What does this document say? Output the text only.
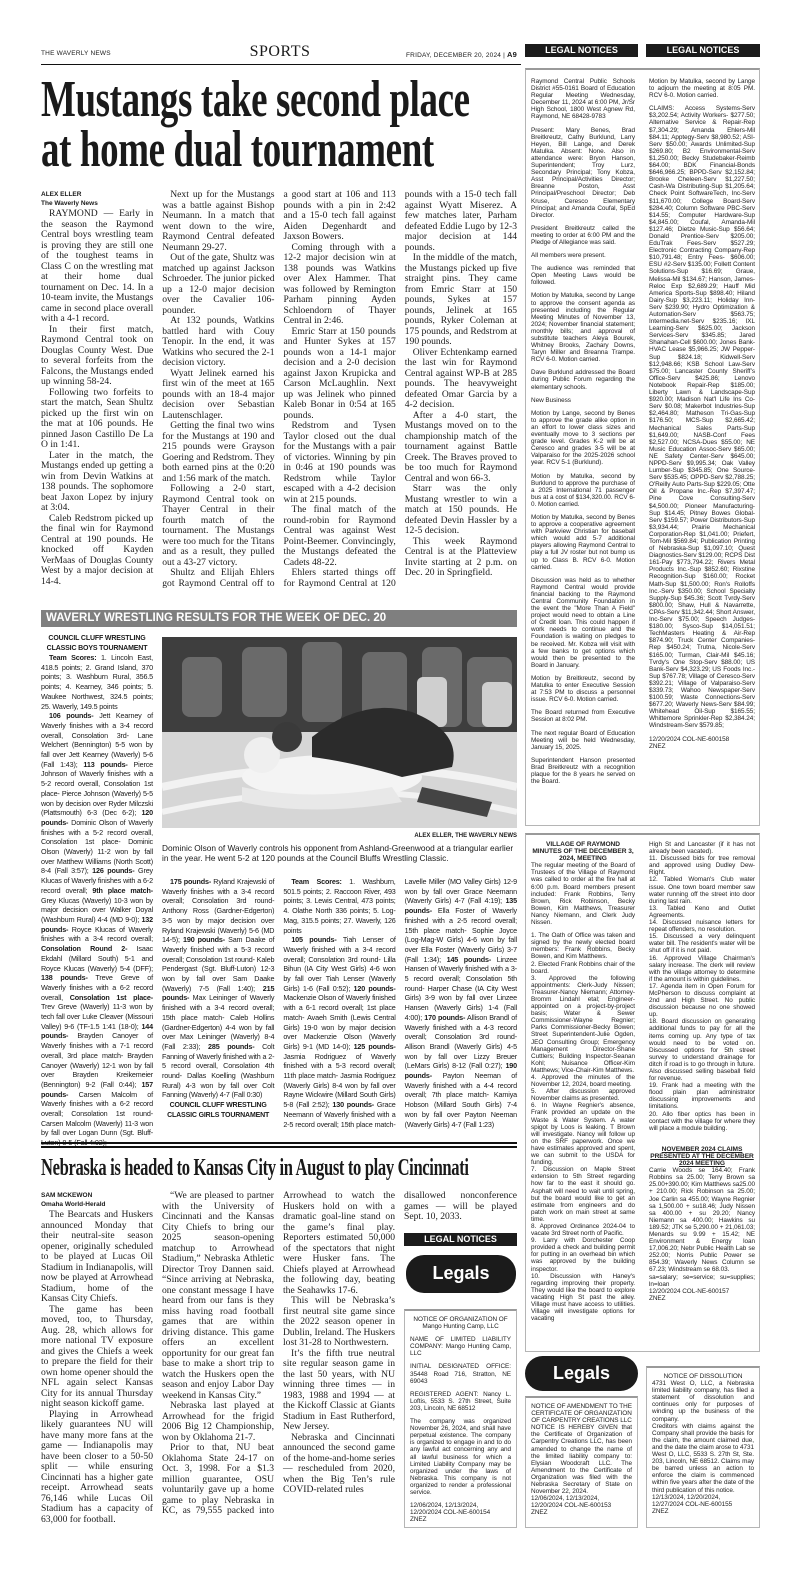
THE WAVERLY NEWS	SPORTS	FRIDAY, DECEMBER 20, 2024 | A9	LEGAL NOTICES	LEGAL NOTICES
Mustangs take second place
at home dual tournament

ALEX ELLER

The Waverly News

RAYMOND — Early in the season the Raymond Central boys wrestling team is proving they are still one of the toughest teams in Class C on the wrestling mat at their home dual tournament on Dec. 14. In a 10-team invite, the Mustangs came in second place overall with a 4-1 record.

In their first match, Raymond Central took on Douglas County West. Due to several forfeits from the Falcons, the Mustangs ended up winning 58-24.

Following two forfeits to start the match, Sean Shultz picked up the first win on the mat at 106 pounds. He pinned Jason Castillo De La O in 1:41.

Later in the match, the Mustangs ended up getting a win from Devin Watkins at 138 pounds. The sophomore beat Jaxon Lopez by injury at 3:04.

Caleb Redstrom picked up the final win for Raymond Central at 190 pounds. He knocked off Kayden VerMaas of Douglas County West by a major decision at 14-4.

Next up for the Mustangs was a battle against Bishop Neumann. In a match that went down to the wire, Raymond Central defeated Neumann 29-27.

Out of the gate, Shultz was matched up against Jackson Schroeder. The junior picked up a 12-0 major decision over the Cavalier 106-pounder.

At 132 pounds, Watkins battled hard with Couy Tenopir. In the end, it was Watkins who secured the 2-1 decision victory.

Wyatt Jelinek earned his first win of the meet at 165 pounds with an 18-4 major decision over Sebastian Lautenschlager.

Getting the final two wins for the Mustangs at 190 and 215 pounds were Grayson Goering and Redstrom. They both earned pins at the 0:20 and 1:56 mark of the match.

Following a 2-0 start, Raymond Central took on Thayer Central in their fourth match of the tournament. The Mustangs were too much for the Titans and as a result, they pulled out a 43-27 victory.

Shultz and Elijah Ehlers got Raymond Central off to a good start at 106 and 113 pounds with a pin in 2:42 and a 15-0 tech fall against Aiden Degenhardt and Jaxson Bowers.

Coming through with a 12-2 major decision win at 138 pounds was Watkins over Alex Hammer. That was followed by Remington Parham pinning Ayden Schloendorn of Thayer Central in 2:46.

Emric Starr at 150 pounds and Hunter Sykes at 157 pounds won a 14-1 major decision and a 2-0 decision against Jaxon Krupicka and Carson McLaughlin. Next up was Jelinek who pinned Kaleb Bonar in 0:54 at 165 pounds.

Redstrom and Tysen Taylor closed out the dual for the Mustangs with a pair of victories. Winning by pin in 0:46 at 190 pounds was Redstrom while Taylor escaped with a 4-2 decision win at 215 pounds.

The final match of the round-robin for Raymond Central was against West Point-Beemer. Convincingly, the Mustangs defeated the Cadets 48-22.

Ehlers started things off for Raymond Central at 120 pounds with a 15-0 tech fall against Wyatt Miserez. A few matches later, Parham defeated Eddie Lugo by 12-3 major decision at 144 pounds.

In the middle of the match, the Mustangs picked up five straight pins. They came from Emric Starr at 150 pounds, Sykes at 157 pounds, Jelinek at 165 pounds, Ryker Coleman at 175 pounds, and Redstrom at 190 pounds.

Oliver Echtenkamp earned the last win for Raymond Central against WP-B at 285 pounds. The heavyweight defeated Omar Garcia by a 4-2 decision.

After a 4-0 start, the Mustangs moved on to the championship match of the tournament against Battle Creek. The Braves proved to be too much for Raymond Central and won 66-3.

Starr was the only Mustang wrestler to win a match at 150 pounds. He defeated Devin Hassler by a 12-5 decision.

This week Raymond Central is at the Platteview Invite starting at 2 p.m. on Dec. 20 in Springfield.

WAVERLY WRESTLING RESULTS FOR THE WEEK OF DEC. 20
COUNCIL CLUFF WRESTLING CLASSIC BOYS TOURNAMENT

Team Scores: 1. Lincoln East, 418.5 points; 2. Grand Island, 370 points; 3. Washburn Rural, 356.5 points; 4. Kearney, 346 points; 5. Waukee Northwest, 324.5 points; 25. Waverly, 149.5 points

106 pounds- Jett Kearney of Waverly finishes with a 3-4 record overall, Consolation 3rd- Lane Welchert (Bennington) 5-5 won by fall over Jett Kearney (Waverly) 5-6 (Fall 1:43); 113 pounds- Pierce Johnson of Waverly finishes with a 5-2 record overall, Consolation 1st place- Pierce Johnson (Waverly) 5-5 won by decision over Ryder Milczski (Plattsmouth) 6-3 (Dec 6-2); 120 pounds- Dominic Olson of Waverly finishes with a 5-2 record overall, Consolation 1st place- Dominic Olson (Waverly) 11-2 won by fall over Matthew Williams (North Scott) 8-4 (Fall 3:57); 126 pounds- Grey Klucas of Waverly finishes with a 6-2 record overall; 9th place match- Grey Klucas (Waverly) 10-3 won by major decision over Walker Doyal (Washburn Rural) 4-4 (MD 9-0); 132 pounds- Royce Klucas of Waverly finishes with a 3-4 record overall; Consolation Round 2- Isaac Ekdahl (Millard South) 5-1 and Royce Klucas (Waverly) 5-4 (DFF); 138 pounds- Treve Greve of Waverly finishes with a 6-2 record overall, Consolation 1st place- Trev Greve (Waverly) 11-3 won by tech fall over Luke Cleaver (Missouri Valley) 9-6 (TF-1.5 1:41 (18-0); 144 pounds- Brayden Canoyer of Waverly finishes with a 7-1 record overall, 3rd place match- Brayden Canoyer (Waverly) 12-1 won by fall over Brayden Kreikemeier (Bennington) 9-2 (Fall 0:44); 157 pounds- Carsen Malcolm of Waverly finishes with a 6-2 record overall; Consolation 1st round- Carsen Malcolm (Waverly) 11-3 won by fall over Logan Dunn (Sgt. Bluff-

ALEX ELLER, THE WAVERLY NEWS
Dominic Olson of Waverly controls his opponent from Ashland-Greenwood at a triangular earlier in the year. He went 5-2 at 120 pounds at the Council Bluffs Wrestling Classic.

175 pounds- Ryland Krajewski of Waverly finishes with a 3-4 record overall; Consolation 3rd round- Anthony Ross (Gardner-Edgerton) 3-5 won by major decision over Ryland Krajewski (Waverly) 5-6 (MD 14-5); 190 pounds- Sam Daake of Waverly finished with a 5-3 record overall; Consolation 1st round- Kaleb Pendergast (Sgt. Bluff-Luton) 12-3 won by fall over Sam Daake (Waverly) 7-5 (Fall 1:40); 215 pounds- Max Leininger of Waverly finished with a 3-4 record overall; 15th place match- Caleb Hollins (Gardner-Edgerton) 4-4 won by fall over Max Leininger (Waverly) 8-4 (Fall 2:33); 285 pounds- Colt Fanning of Waverly finished with a 2-5 record overall, Consolation 4th round- Dallas Koelling (Washburn Rural) 4-3 won by fall over Colt Fanning (Waverly) 4-7 (Fall 0:30)

COUNCIL CLUFF WRESTLING CLASSIC GIRLS TOURNAMENT

Team Scores: 1. Washburn, 501.5 points; 2. Raccoon River, 493 points; 3. Lewis Central, 473 points; 4. Olathe North 336 points; 5. Log-Mag, 315.5 points; 27. Waverly, 126 points

105 pounds- Tiah Lenser of Waverly finished with a 3-4 record overall; Consolation 3rd round- Lilla Bihun (IA City West Girls) 4-6 won by fall over Tiah Lenser (Waverly Girls) 1-6 (Fall 0:52); 120 pounds- Mackenzie Olson of Waverly finished with a 6-1 record overall; 1st place match- Avaeh Smith (Lewis Central Girls) 19-0 won by major decision over Mackenzie Olson (Waverly Girls) 9-1 (MD 14-0); 125 pounds- Jasmia Rodriguez of Waverly finished with a 5-3 record overall; 11th place match- Jasmia Rodriguez (Waverly Girls) 8-4 won by fall over Rayne Wickwire (Millard South Girls) 5-8 (Fall 2:52); 130 pounds- Grace Neemann of Waverly finished with a 2-5 record overall; 15th place match- Lavelle Miller (MO Valley Girls) 12-9 won by fall over Grace Neemann (Waverly Girls) 4-7 (Fall 4:19); 135 pounds- Ella Foster of Waverly finished with a 2-5 record overall; 15th place match- Sophie Joyce (Log-Mag-W Girls) 4-6 won by fall over Ella Foster (Waverly Girls) 3-7 (Fall 1:34); 145 pounds- Linzee Hansen of Waverly finished with a 3-5 record overall; Consolation 5th round- Harper Chase (IA City West Girls) 3-9 won by fall over Linzee Hansen (Waverly Girls) 1-4 (Fall 4:00); 170 pounds- Allison Brandl of Waverly finished with a 4-3 record overall; Consolation 3rd round- Allison Brandl (Waverly Girls) 4-5 won by fall over Lizzy Breuer (LeMars Girls) 8-12 (Fall 0:27); 190 pounds- Payton Neeman of Waverly finished with a 4-4 record overall; 7th place match- Kamiya Hobson (Millard South Girls) 7-4 won by fall over Payton Neeman (Waverly Girls) 4-7 (Fall 1:23)

Nebraska is headed to Kansas City in August to play Cincinnati

SAM MCKEWON

Omaha World-Herald

The Bearcats and Huskers announced Monday that their neutral-site season opener, originally scheduled to be played at Lucas Oil Stadium in Indianapolis, will now be played at Arrowhead Stadium, home of the Kansas City Chiefs.

The game has been moved, too, to Thursday, Aug. 28, which allows for more national TV exposure and gives the Chiefs a week to prepare the field for their own home opener should the NFL again select Kansas City for its annual Thursday night season kickoff game.

Playing in Arrowhead likely guarantees NU will have many more fans at the game — Indianapolis may have been closer to a 50-50 split — while ensuring Cincinnati has a higher gate receipt. Arrowhead seats 76,146 while Lucas Oil Stadium has a capacity of 63,000 for football.

“We are pleased to partner with the University of Cincinnati and the Kansas City Chiefs to bring our 2025 season-opening matchup to Arrowhead Stadium,” Nebraska Athletic Director Troy Dannen said. “Since arriving at Nebraska, one constant message I have heard from our fans is they miss having road football games that are within driving distance. This game offers an excellent opportunity for our great fan base to make a short trip to watch the Huskers open the season and enjoy Labor Day weekend in Kansas City.”

Nebraska last played at Arrowhead for the frigid 2006 Big 12 Championship, won by Oklahoma 21-7.

Prior to that, NU beat Oklahoma State 24-17 on Oct. 3, 1998. For a $1.3 million guarantee, OSU voluntarily gave up a home game to play Nebraska in KC, as 79,555 packed into Arrowhead to watch the Huskers hold on with a dramatic goal-line stand on the game’s final play. Reporters estimated 50,000 of the spectators that night were Husker fans. The Chiefs played at Arrowhead the following day, beating the Seahawks 17-6.

This will be Nebraska’s first neutral site game since the 2022 season opener in Dublin, Ireland. The Huskers lost 31-28 to Northwestern.

It’s the fifth true neutral site regular season game in the last 50 years, with NU winning three times — in 1983, 1988 and 1994 — at the Kickoff Classic at Giants Stadium in East Rutherford, New Jersey.

Nebraska and Cincinnati announced the second game of the home-and-home series — rescheduled from 2020, when the Big Ten’s rule COVID-related rules

disallowed nonconference games — will be played Sept. 10, 2033.

LEGAL NOTICES
Legals

NOTICE OF ORGANIZATION OF Mango Hunting Camp, LLC

NAME OF LIMITED LIABILITY COMPANY: Mango Hunting Camp, LLC

INITIAL DESIGNATED OFFICE: 35448 Road 716, Stratton, NE 69043

REGISTERED AGENT: Nancy L. Loftis, 5533 S. 27th Street, Suite 203, Lincoln, NE 68512

The company was organized November 26, 2024, and shall have perpetual existence. The company is organized to engage in and to do any lawful act concerning any and all lawful business for which a Limited Liability Company may be organized under the laws of Nebraska. This company is not organized to render a professional service.

12/06/2024, 12/13/2024,

12/20/2024 COL-NE-600154

ZNEZ

Raymond Central Public Schools District #55-0161 Board of Education Regular Meeting Wednesday, December 11, 2024 at 6:00 PM, Jr/Sr High School, 1800 West Agnew Rd, Raymond, NE 68428-9783

Present: Mary Benes, Brad Breitkreutz, Cathy Burklund, Larry Heyen, Bill Lange, and Derek Matulka. Absent: None. Also in attendance were: Bryon Hanson, Superintendent; Troy Lurz, Secondary Principal; Tony Kobza, Asst Principal/Activities Director; Breanne Poston, Asst Principal/Preschool Director; Deb Kruse, Ceresco Elementary Principal; and Amanda Coufal, SpEd Director.

President Breitkreutz called the meeting to order at 6:00 PM and the Pledge of Allegiance was said.

All members were present.

The audience was reminded that Open Meeting Laws would be followed.

Motion by Matulka, second by Lange to approve the consent agenda as presented including the Regular Meeting Minutes of November 13, 2024; November financial statement; monthly bills; and approval of substitute teachers Aleya Bourek, Whitney Brooks, Zachary Downs, Taryn Miller and Breanna Trampe. RCV 6-0. Motion carried.

Dave Burklund addressed the Board during Public Forum regarding the elementary schools.

New Business

Motion by Lange, second by Benes to approve the grade alike option in an effort to lower class sizes and eventually move to 3 sections per grade level. Grades K-2 will be at Ceresco and grades 3-5 will be at Valparaiso for the 2025-2026 school year. RCV 5-1 (Burklund).

Motion by Matulka, second by Burklund to approve the purchase of a 2025 International 71 passenger bus at a cost of $134,320.00. RCV 6-0. Motion carried.

Motion by Matulka, second by Benes to approve a cooperative agreement with Parkview Christian for baseball which would add 5-7 additional players allowing Raymond Central to play a full JV roster but not bump us up to Class B. RCV 6-0. Motion carried.

Discussion was held as to whether Raymond Central would provide financial backing to the Raymond Central Community Foundation in the event the "More Than A Field" project would need to obtain a Line of Credit loan. This could happen if work needs to continue and the Foundation is waiting on pledges to be received. Mr. Kobza will visit with a few banks to get options which would then be presented to the Board in January.

Motion by Breitkreutz, second by Matulka to enter Executive Session at 7:53 PM to discuss a personnel issue. RCV 6-0. Motion carried.

The Board returned from Executive Session at 8:02 PM.

The next regular Board of Education Meeting will be held Wednesday, January 15, 2025.

Superintendent Hanson presented Brad Breitkreutz with a recognition plaque for the 8 years he served on the Board.

Motion by Matulka, second by Lange to adjourn the meeting at 8:05 PM. RCV 6-0. Motion carried.

CLAIMS: Access Systems-Serv $3,202.54; Activity Workers- $277.50; Alternative Service & Repair-Rep $7,304.29; Amanda Ehlers-Mil $84.11; Apptegy-Serv $8,980.52; ASI-Serv $50.00; Awards Unlimited-Sup $269.80; B2 Environmental-Serv $1,250.00; Becky Studebaker-Reimb $64.00; BDK Financial-Bonds $646,966.25; BPPD-Serv $2,152.84; Brooke Cheleen-Serv $1,227.50; Cash-Wa Distributing-Sup $1,205.64; Check Point SoftwareTech, Inc-Serv $11,670.00; College Board-Serv $284.40; Column Software PBC-Serv $14.55; Computer Hardware-Sup $4,845.00; Coufal, Amanda-Mil $127.46; Dietze Music-Sup $56.64; Donald Prentice-Serv $205.00; EduTrak Fees-Serv $527.29; Electronic Contracting Company-Rep $10,791.48; Entry Fees- $606.00; ESU #2-Serv $135.00; Follett Content Solutions-Sup $16.69; Graue, Melissa-Mil $134.67; Hanson, James-Reloc Exp $2,689.29; Hauff Mid America Sports-Sup $898.40; Hiland Dairy-Sup $3,223.11; Holiday Inn-Serv $239.90; Hydro Optimization & Automation-Serv $563.75; Intermedia.net-Serv $235.16; IXL Learning-Serv $625.00; Jackson Services-Serv $345.85; Jared Shanahan-Cell $600.00; Jones Bank-HVAC Lease $5,966.25; JW Pepper-Sup $824.18; Kidwell-Serv $12,948.66; KSB School Law-Serv $75.00; Lancaster County Sheriff’s Office-Serv $425.86; Lenovo Notebook Repair-Rep $185.00; Liberty Lawn & Landscape-Sup $920.00; Madison Nat'l Life Ins Co-Serv $0.08; Makerbot Industries-Sup $2,464.80; Matheson Tri-Gas-Sup $176.50; MCS-Sup $2,665.42; Mechanical Sales Parts-Sup $1,649.00; NASB-Conf Fees $2,527.00; NCSA-Dues $55.00; NE Music Education Assoc-Serv $65.00; NE Safety Center-Serv $645.00; NPPD-Serv $9,995.34; Oak Valley Lumber-Sup $345.85; One Source-Serv $535.45; OPPD-Serv $2,788.25; O'Reilly Auto Parts-Sup $229.05; Otte Oil & Propane Inc.-Rep $7,397.47; Pine Cove Consulting-Serv $4,500.00; Pioneer Manufacturing-Sup $14.45; Pitney Bowes Global-Serv $159.57; Power Distributors-Sup $3,934.44; Prairie Mechanical Corporation-Rep $1,041.00; Priefert, Tom-Mil $569.84; Publication Printing of Nebraska-Sup $1,097.10; Quest Diagnostics-Serv $129.00; RCPS Dist 161-Pay $773,794.22; Rivers Metal Products Inc.-Sup $852.60; Rixstine Recognition-Sup $160.00; Rocket Math-Sup $1,500.00; Ron's Rolloffs Inc.-Serv $350.00; School Specialty Supply-Sup $45.36; Scott Tvrdy-Serv $800.00; Shaw, Hull & Navarrette, CPAs-Serv $11,342.44; Short Answer, Inc-Serv $75.00; Speech Judges- $180.00; Sysco-Sup $14,051.51; TechMasters Heating & Air-Rep $874.90; Truck Center Companies-Rep $450.24; Trutna, Nicole-Serv $165.00; Turman, Clair-Mil $45.16; Tvrdy's One Stop-Serv $88.00; US Bank-Serv $4,323.29; US Foods Inc.-Sup $767.78; Village of Ceresco-Serv $392.21; Village of Valparaiso-Serv $339.73; Wahoo Newspaper-Serv $100.59; Waste Connections-Serv $677.20; Waverly News-Serv $84.99; Whitehead Oil-Sup $165.55; Whittemore Sprinkler-Rep $2,384.24; Windstream-Serv $579.85;

12/20/2024 COL-NE-600158

ZNEZ

VILLAGE OF RAYMOND MINUTES OF THE DECEMBER 3, 2024, MEETING

The regular meeting of the Board of Trustees of the Village of Raymond was called to order at the fire hall at 6:00 p.m. Board members present included: Frank Robbins, Terry Brown, Rick Robinson, Becky Bowen, Kim Matthews, Treasurer Nancy Niemann, and Clerk Judy Nissen.

1. The Oath of Office was taken and signed by the newly elected board members: Frank Robbins, Becky Bowen, and Kim Matthews.

2. Elected Frank Robbins chair of the board.

3. Approved the following appointments: Clerk-Judy Nissen; Treasurer-Nancy Niemann; Attorney-Bromm Lindahl etal; Engineer-appointed on a project-by-project basis; Water & Sewer Commissioner-Wayne Regnier; Parks Commissioner-Becky Bowen; Street Superintendent-Julie Ogden, JEO Consulting Group; Emergency Management Director-Shane Cuttlers; Building Inspector-Seanan Kohl; Nuisance Officer-Kim Matthews; Vice-Chair-Kim Matthews.

4. Approved the minutes of the November 12, 2024, board meeting.

5. After discussion approved November claims as presented.

6. In Wayne Regnier's absence, Frank provided an update on the Waste & Water System. A water spigot by Loos is leaking. T Brown will investigate. Nancy will follow up on the SRF paperwork. Once we have estimates approved and spent, we can submit to the USDA for funding.

7. Discussion on Maple Street extension to 5th Street regarding how far to the east it should go. Asphalt will need to wait until spring, but the board would like to get an estimate from engineers and do patch work on main street at same time.

8. Approved Ordinance 2024-04 to vacate 3rd Street north of Pacific.

9. Larry with Dorchester Coop provided a check and building permit for putting in an overhead bin which was approved by the building inspector.

10. Discussion with Haney's regarding improving their property. They would like the board to explore vacating High St past the alley. Village must have access to utilities. Village will investigate options for vacating

High St and Lancaster (if it has not already been vacated).

11. Discussed bids for tree removal and approved using Dudley Dew-Right.

12. Tabled Woman's Club water issue. One town board member saw water running off the street into door during last rain.

13. Tabled Keno and Outlet Agreements.

14. Discussed nuisance letters for repeat offenders, no resolution.

15. Discussed a very delinquent water bill. The resident's water will be shut off if it is not paid.

16. Approved Village Chairman's salary increase. The clerk will review with the village attorney to determine if the amount is within guidelines.

17. Agenda item in Open Forum for McPherson to discuss complaint at 2nd and High Street. No public discussion because no one showed up.

18. Board discussion on generating additional funds to pay for all the items coming up. Any type of tax would need to be voted on. Discussed options for 5th street survey to understand drainage for ditch if road is to go through in future. Also discussed selling baseball field for revenue.

19. Frank had a meeting with the flood plain plan administrator discussing improvements and limitations.

20. Allo fiber optics has been in contact with the village for where they will place a module building.

NOVEMBER 2024 CLAIMS PRESENTED AT THE DECEMBER 2024 MEETING

Carrie Woods se 164.40; Frank Robbins sa 25.00; Terry Brown sa 25.00+390.00; Kim Matthews sa25.00 + 210.00; Rick Robinson sa 25.00; Joe Carlin sa 455.00; Wayne Regnier sa 1,500.00 + su18.46; Judy Nissen sa 400.00 + su 29.20; Nancy Niemann sa 400.00; Hawkins su 189.52; JTK se 5,290.00 + 21,061.03; Menards su 9.99 + 15.42; NE Environment & Energy loan 17,006.20; Nebr Public Health Lab se 252.00; Norris Public Power se 854.39; Waverly News Column se 67.23; Windstream se 68.03.

sa=salary; se=service; su=supplies; ln=loan

12/20/2024 COL-NE-600157

ZNEZ

Legals

NOTICE OF AMENDMENT TO THE CERTIFICATE OF ORGANIZATION OF CARPENTRY CREATIONS LLC

NOTICE IS HEREBY GIVEN that the Certificate of Organization of Carpentry Creations LLC, has been amended to change the name of the limited liability company to: Elysian Woodcraft LLC. The Amendment to the Certificate of Organization was filed with the Nebraska Secretary of State on November 22, 2024.

12/06/2024, 12/13/2024,

12/20/2024 COL-NE-600153

ZNEZ

NOTICE OF DISSOLUTION

4731 West O, LLC, a Nebraska limited liability company, has filed a statement of dissolution and continues only for purposes of winding up the business of the company.

Creditors with claims against the Company shall provide the basis for the claim, the amount claimed due, and the date the claim arose to 4731 West O, LLC, 5533 S. 27th St, Ste. 203, Lincoln, NE 68512. Claims may be barred unless an action to enforce the claim is commenced within five years after the date of the third publication of this notice.

12/13/2024, 12/20/2024,

12/27/2024 COL-NE-600155

ZNEZ
